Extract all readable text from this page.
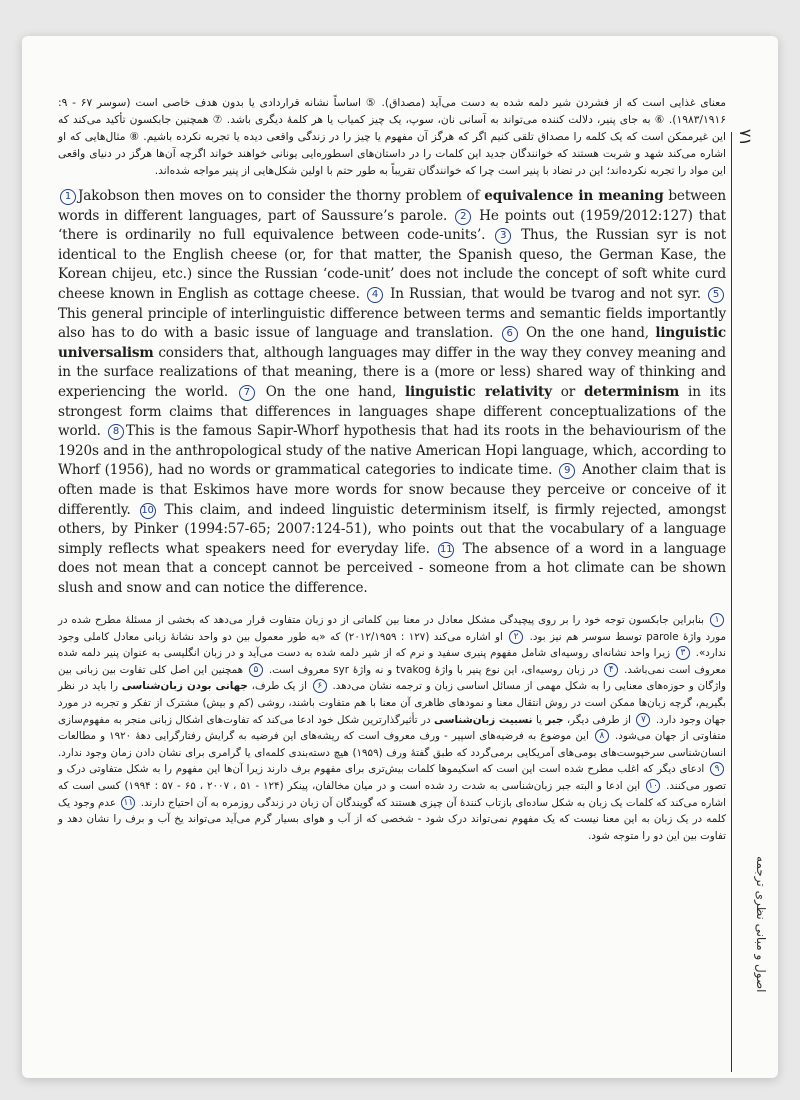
۷۱
اصول و مبانی نظری ترجمه

معنای غذایی است که از فشردن شیر دلمه شده به دست می‌آید (مصداق). ⑤ اساساً نشانه قراردادی یا بدون هدف خاصی است (سوسر ۶۷ - ۹: ۱۹۸۳/۱۹۱۶). ⑥ به جای پنیر، دلالت کننده می‌تواند به آسانی نان، سوپ، یک چیز کمیاب یا هر کلمهٔ دیگری باشد. ⑦ همچنین جابکسون تأکید می‌کند که این غیرممکن است که یک کلمه را مصداق تلقی کنیم اگر که هرگز آن مفهوم یا چیز را در زندگی واقعی دیده یا تجربه نکرده باشیم. ⑧ مثال‌هایی که او اشاره می‌کند شهد و شربت هستند که خوانندگان جدید این کلمات را در داستان‌های اسطوره‌ایی یونانی خواهند خواند اگرچه آن‌ها هرگز در دنیای واقعی این مواد را تجربه نکرده‌اند؛ این در تضاد با پنیر است چرا که خوانندگان تقریباً به طور حتم با اولین شکل‌هایی از پنیر مواجه شده‌اند.

1 Jakobson then moves on to consider the thorny problem of equivalence in meaning between words in different languages, part of Saussure’s parole. 2 He points out (1959/2012:127) that ‘there is ordinarily no full equivalence between code-units’. 3 Thus, the Russian syr is not identical to the English cheese (or, for that matter, the Spanish queso, the German Kase, the Korean chijeu, etc.) since the Russian ‘code-unit’ does not include the concept of soft white curd cheese known in English as cottage cheese. 4 In Russian, that would be tvarog and not syr. 5This general principle of interlinguistic difference between terms and semantic fields importantly also has to do with a basic issue of language and translation. 6 On the one hand, linguistic universalism considers that, although languages may differ in the way they convey meaning and in the surface realizations of that meaning, there is a (more or less) shared way of thinking and experiencing the world. 7 On the one hand, linguistic relativity or determinism in its strongest form claims that differences in languages shape different conceptualizations of the world. 8 This is the famous Sapir-Whorf hypothesis that had its roots in the behaviourism of the 1920s and in the anthropological study of the native American Hopi language, which, according to Whorf (1956), had no words or grammatical categories to indicate time. 9 Another claim that is often made is that Eskimos have more words for snow because they perceive or conceive of it differently. 10 This claim, and indeed linguistic determinism itself, is firmly rejected, amongst others, by Pinker (1994:57-65; 2007:124-51), who points out that the vocabulary of a language simply reflects what speakers need for everyday life. 11 The absence of a word in a language does not mean that a concept cannot be perceived - someone from a hot climate can be shown slush and snow and can notice the difference.

۱ بنابراین جابکسون توجه خود را بر روی پیچیدگی مشکل معادل در معنا بین کلماتی از دو زبان متفاوت قرار می‌دهد که بخشی از مسئلهٔ مطرح شده در مورد واژهٔ parole توسط سوسر هم نیز بود. ۲ او اشاره می‌کند (۱۲۷ : ۲۰۱۲/۱۹۵۹) که «به طور معمول بین دو واحد نشانهٔ زبانی معادل کاملی وجود ندارد». ۳ زیرا واحد نشانه‌ای روسیه‌ای شامل مفهوم پنیری سفید و نرم که از شیر دلمه شده به دست می‌آید و در زبان انگلیسی به عنوان پنیر دلمه شده معروف است نمی‌باشد. ۴ در زبان روسیه‌ای، این نوع پنیر با واژهٔ tvakog و نه واژهٔ syr معروف است. ۵ همچنین این اصل کلی تفاوت بین زبانی بین واژگان و حوزه‌های معنایی را به شکل مهمی از مسائل اساسی زبان و ترجمه نشان می‌دهد. ۶ از یک طرف، جهانی بودن زبان‌شناسی را باید در نظر بگیریم، گرچه زبان‌ها ممکن است در روش انتقال معنا و نمودهای ظاهری آن معنا با هم متفاوت باشند، روشی (کم و بیش) مشترک از تفکر و تجربه در مورد جهان وجود دارد. ۷ از طرفی دیگر، جبر یا نسبیت زبان‌شناسی در تأثیرگذارترین شکل خود ادعا می‌کند که تفاوت‌های اشکال زبانی منجر به مفهوم‌سازی متفاوتی از جهان می‌شود. ۸ این موضوع به فرضیه‌های اسپیر - ورف معروف است که ریشه‌های این فرضیه به گرایش رفتارگرایی دههٔ ۱۹۲۰ و مطالعات انسان‌شناسی سرخپوست‌های بومی‌های آمریکایی برمی‌گردد که طبق گفتهٔ ورف (۱۹۵۹) هیچ دسته‌بندی کلمه‌ای یا گرامری برای نشان دادن زمان وجود ندارد. ۹ ادعای دیگر که اغلب مطرح شده است این است که اسکیموها کلمات بیش‌تری برای مفهوم برف دارند زیرا آن‌ها این مفهوم را به شکل متفاوتی درک و تصور می‌کنند. ۱۰ این ادعا و البته جبر زبان‌شناسی به شدت رد شده است و در میان مخالفان، پینکر (۱۲۴ - ۵۱ ، ۲۰۰۷ ، ۶۵ - ۵۷ : ۱۹۹۴) کسی است که اشاره می‌کند که کلمات یک زبان به شکل ساده‌ای بازتاب کنندهٔ آن چیزی هستند که گویندگان آن زبان در زندگی روزمره به آن احتیاج دارند. ۱۱ عدم وجود یک کلمه در یک زبان به این معنا نیست که یک مفهوم نمی‌تواند درک شود - شخصی که از آب و هوای بسیار گرم می‌آید می‌تواند یخ آب و برف را نشان دهد و تفاوت بین این دو را متوجه شود.
